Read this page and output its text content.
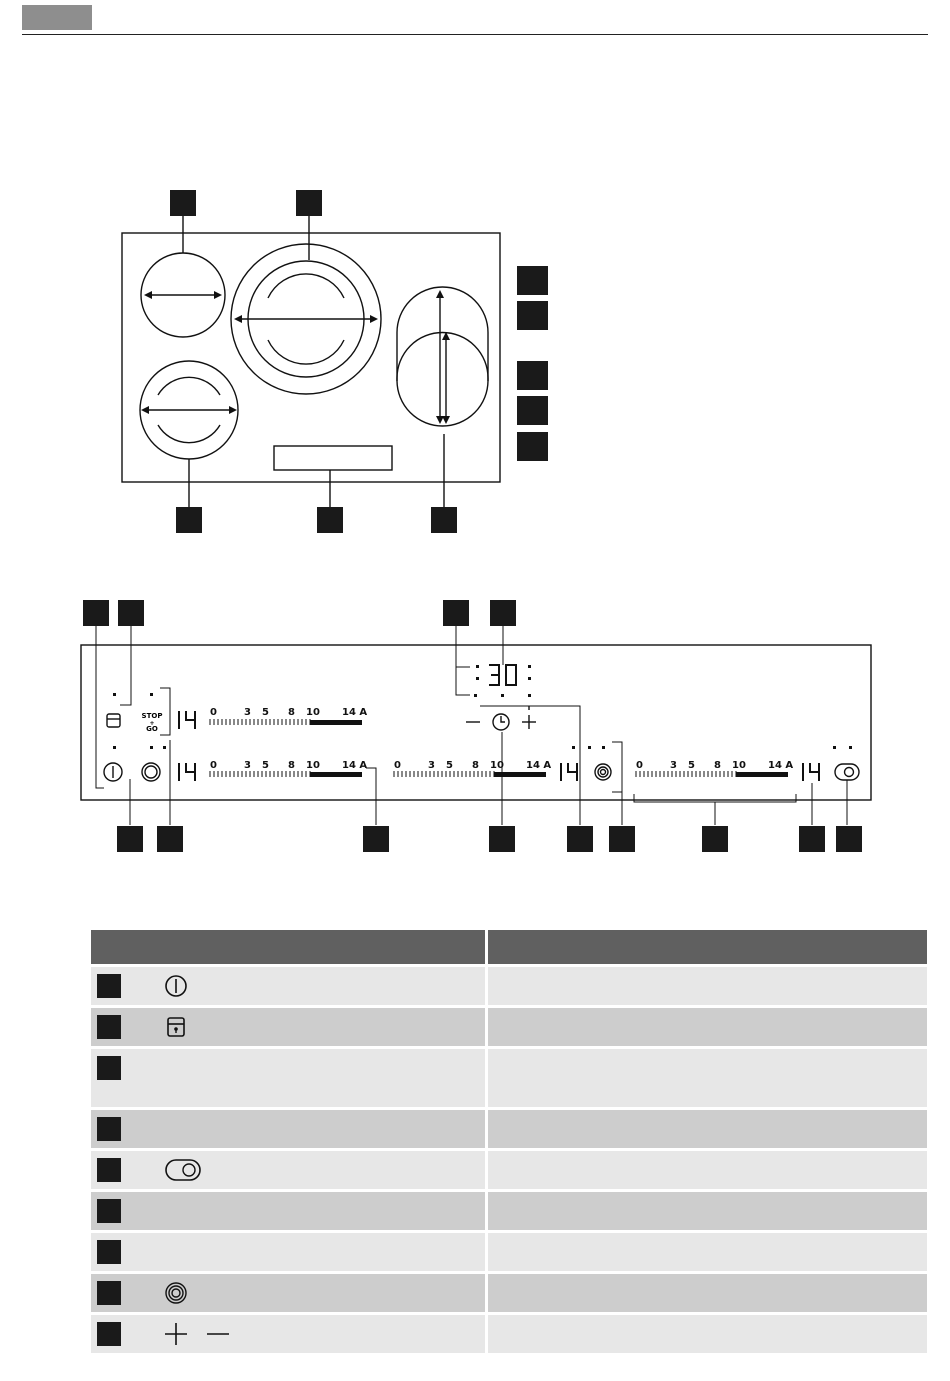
STOP
+
GO
0	3 5 8 10 14 A
0	3 5 8 10 14 A	0	3 5 8 10 14 A	0	3 5 8 10 14 A
